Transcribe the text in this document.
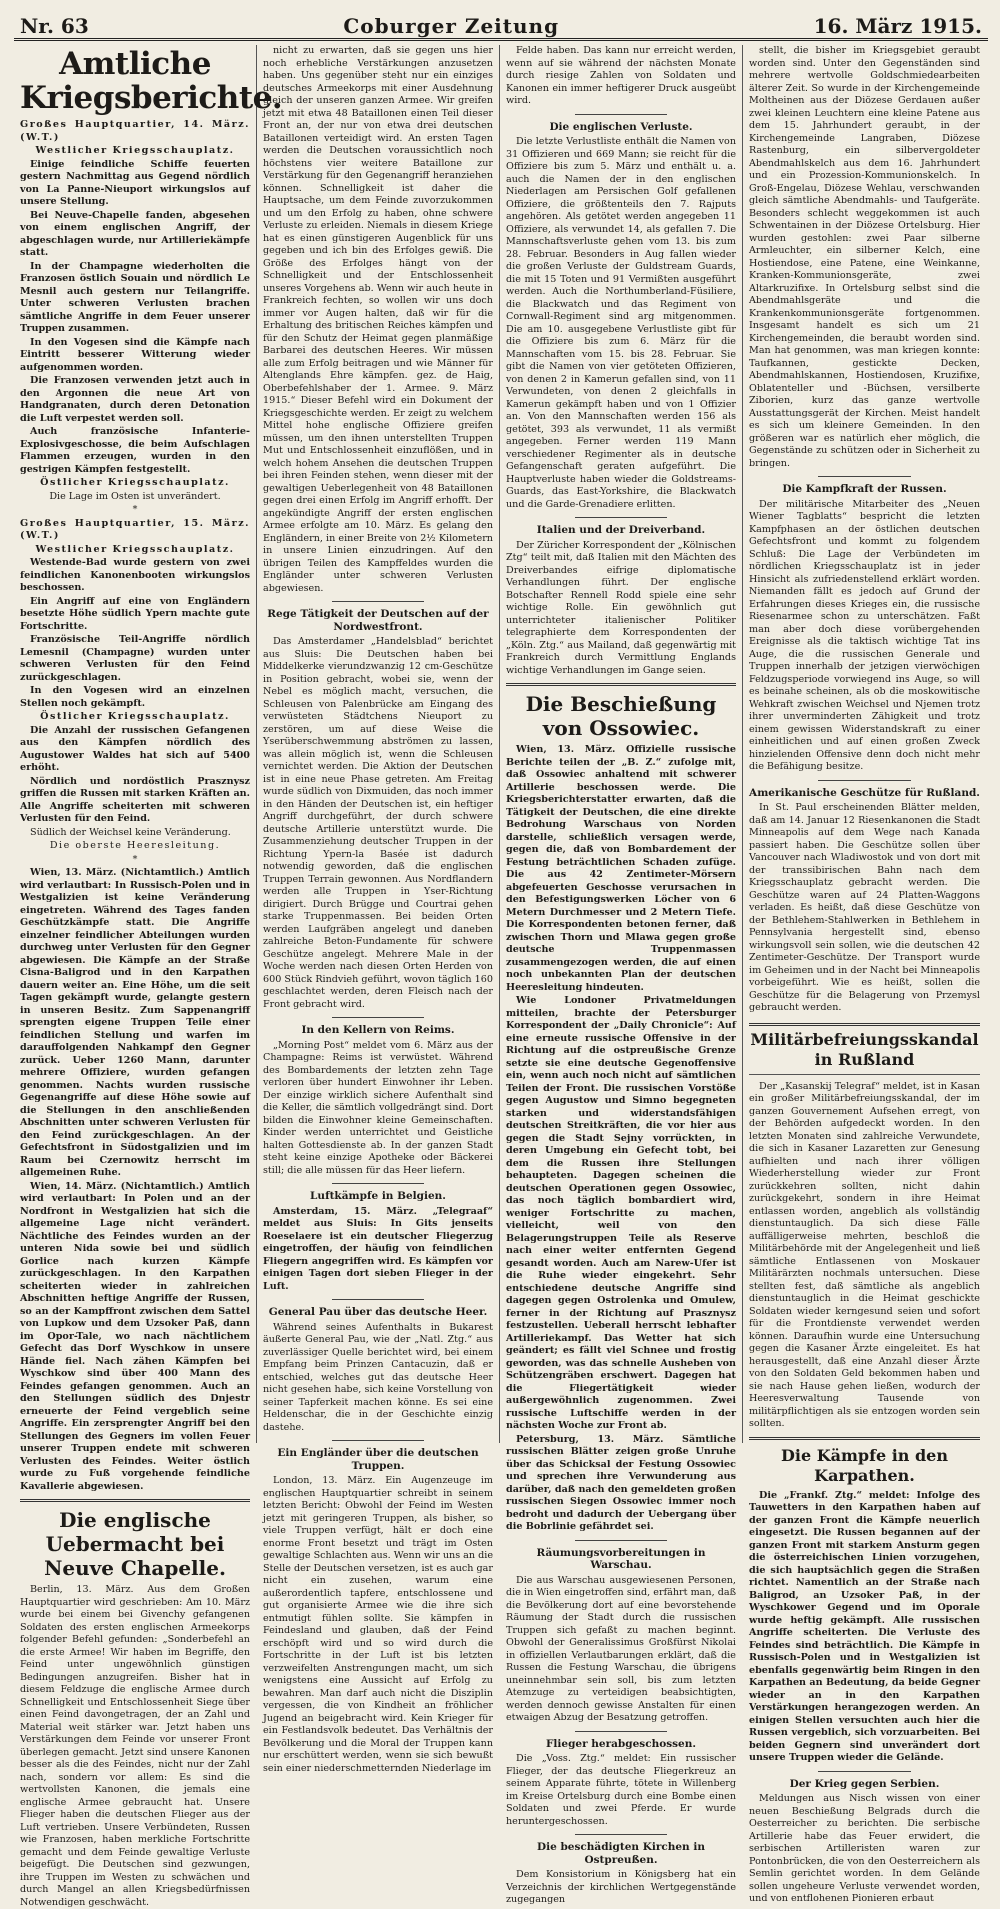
Nr. 63	Coburger Zeitung	16. März 1915.
Amtliche Kriegsberichte.

Großes Hauptquartier, 14. März. (W.T.)

Westlicher Kriegsschauplatz.

Einige feindliche Schiffe feuerten gestern Nachmittag aus Gegend nördlich von La Panne-Nieuport wirkungslos auf unsere Stellung.

Bei Neuve-Chapelle fanden, abgesehen von einem englischen Angriff, der abgeschlagen wurde, nur Artilleriekämpfe statt.

In der Champagne wiederholten die Franzosen östlich Souain und nördlich Le Mesnil auch gestern nur Teilangriffe. Unter schweren Verlusten brachen sämtliche Angriffe in dem Feuer unserer Truppen zusammen.

In den Vogesen sind die Kämpfe nach Eintritt besserer Witterung wieder aufgenommen worden.

Die Franzosen verwenden jetzt auch in den Argonnen die neue Art von Handgranaten, durch deren Detonation die Luft verpestet werden soll.

Auch französische Infanterie-Explosivgeschosse, die beim Aufschlagen Flammen erzeugen, wurden in den gestrigen Kämpfen festgestellt.

Östlicher Kriegsschauplatz.

Die Lage im Osten ist unverändert.

*

Großes Hauptquartier, 15. März. (W.T.)

Westlicher Kriegsschauplatz.

Westende-Bad wurde gestern von zwei feindlichen Kanonenbooten wirkungslos beschossen.

Ein Angriff auf eine von Engländern besetzte Höhe südlich Ypern machte gute Fortschritte.

Französische Teil-Angriffe nördlich Lemesnil (Champagne) wurden unter schweren Verlusten für den Feind zurückgeschlagen.

In den Vogesen wird an einzelnen Stellen noch gekämpft.

Östlicher Kriegsschauplatz.

Die Anzahl der russischen Gefangenen aus den Kämpfen nördlich des Augustower Waldes hat sich auf 5400 erhöht.

Nördlich und nordöstlich Prasznysz griffen die Russen mit starken Kräften an. Alle Angriffe scheiterten mit schweren Verlusten für den Feind.

Südlich der Weichsel keine Veränderung.

Die oberste Heeresleitung.

*

Wien, 13. März. (Nichtamtlich.) Amtlich wird verlautbart: In Russisch-Polen und in Westgalizien ist keine Veränderung eingetreten. Während des Tages fanden Geschützkämpfe statt. Die Angriffe einzelner feindlicher Abteilungen wurden durchweg unter Verlusten für den Gegner abgewiesen. Die Kämpfe an der Straße Cisna-Baligrod und in den Karpathen dauern weiter an. Eine Höhe, um die seit Tagen gekämpft wurde, gelangte gestern in unseren Besitz. Zum Sappenangriff sprengten eigene Truppen Teile einer feindlichen Stellung und warfen im darauffolgenden Nahkampf den Gegner zurück. Ueber 1260 Mann, darunter mehrere Offiziere, wurden gefangen genommen. Nachts wurden russische Gegenangriffe auf diese Höhe sowie auf die Stellungen in den anschließenden Abschnitten unter schweren Verlusten für den Feind zurückgeschlagen. An der Gefechtsfront in Südostgalizien und im Raum bei Czernowitz herrscht im allgemeinen Ruhe.

Wien, 14. März. (Nichtamtlich.) Amtlich wird verlautbart: In Polen und an der Nordfront in Westgalizien hat sich die allgemeine Lage nicht verändert. Nächtliche des Feindes wurden an der unteren Nida sowie bei und südlich Gorlice nach kurzen Kämpfe zurückgeschlagen. In den Karpathen scheiterten wieder in zahlreichen Abschnitten heftige Angriffe der Russen, so an der Kampffront zwischen dem Sattel von Lupkow und dem Uzsoker Paß, dann im Opor-Tale, wo nach nächtlichem Gefecht das Dorf Wyschkow in unsere Hände fiel. Nach zähen Kämpfen bei Wyschkow sind über 400 Mann des Feindes gefangen genommen. Auch an den Stellungen südlich des Dnjestr erneuerte der Feind vergeblich seine Angriffe. Ein zersprengter Angriff bei den Stellungen des Gegners im vollen Feuer unserer Truppen endete mit schweren Verlusten des Feindes. Weiter östlich wurde zu Fuß vorgehende feindliche Kavallerie abgewiesen.

Die englische Uebermacht bei Neuve Chapelle.

Berlin, 13. März. Aus dem Großen Hauptquartier wird geschrieben: Am 10. März wurde bei einem bei Givenchy gefangenen Soldaten des ersten englischen Armeekorps folgender Befehl gefunden: „Sonderbefehl an die erste Armee! Wir haben im Begriffe, den Feind unter ungewöhnlich günstigen Bedingungen anzugreifen. Bisher hat in diesem Feldzuge die englische Armee durch Schnelligkeit und Entschlossenheit Siege über einen Feind davongetragen, der an Zahl und Material weit stärker war. Jetzt haben uns Verstärkungen dem Feinde vor unserer Front überlegen gemacht. Jetzt sind unsere Kanonen besser als die des Feindes, nicht nur der Zahl nach, sondern vor allem: Es sind die wertvollsten Kanonen, die jemals eine englische Armee gebraucht hat. Unsere Flieger haben die deutschen Flieger aus der Luft vertrieben. Unsere Verbündeten, Russen wie Franzosen, haben merkliche Fortschritte gemacht und dem Feinde gewaltige Verluste beigefügt. Die Deutschen sind gezwungen, ihre Truppen im Westen zu schwächen und durch Mangel an allen Kriegsbedürfnissen Notwendigen geschwächt.

nicht zu erwarten, daß sie gegen uns hier noch erhebliche Verstärkungen anzusetzen haben. Uns gegenüber steht nur ein einziges deutsches Armeekorps mit einer Ausdehnung gleich der unseren ganzen Armee. Wir greifen jetzt mit etwa 48 Bataillonen einen Teil dieser Front an, der nur von etwa drei deutschen Bataillonen verteidigt wird. An ersten Tagen werden die Deutschen voraussichtlich noch höchstens vier weitere Bataillone zur Verstärkung für den Gegenangriff heranziehen können. Schnelligkeit ist daher die Hauptsache, um dem Feinde zuvorzukommen und um den Erfolg zu haben, ohne schwere Verluste zu erleiden. Niemals in diesem Kriege hat es einen günstigeren Augenblick für uns gegeben und ich bin des Erfolges gewiß. Die Größe des Erfolges hängt von der Schnelligkeit und der Entschlossenheit unseres Vorgehens ab. Wenn wir auch heute in Frankreich fechten, so wollen wir uns doch immer vor Augen halten, daß wir für die Erhaltung des britischen Reiches kämpfen und für den Schutz der Heimat gegen planmäßige Barbarei des deutschen Heeres. Wir müssen alle zum Erfolg beitragen und wie Männer für Altenglands Ehre kämpfen. gez. de Haig, Oberbefehlshaber der 1. Armee. 9. März 1915.“ Dieser Befehl wird ein Dokument der Kriegsgeschichte werden. Er zeigt zu welchem Mittel hohe englische Offiziere greifen müssen, um den ihnen unterstellten Truppen Mut und Entschlossenheit einzuflößen, und in welch hohem Ansehen die deutschen Truppen bei ihren Feinden stehen, wenn dieser mit der gewaltigen Ueberlegenheit von 48 Bataillonen gegen drei einen Erfolg im Angriff erhofft. Der angekündigte Angriff der ersten englischen Armee erfolgte am 10. März. Es gelang den Engländern, in einer Breite von 2½ Kilometern in unsere Linien einzudringen. Auf den übrigen Teilen des Kampffeldes wurden die Engländer unter schweren Verlusten abgewiesen.

Rege Tätigkeit der Deutschen auf der Nordwestfront.

Das Amsterdamer „Handelsblad“ berichtet aus Sluis: Die Deutschen haben bei Middelkerke vierundzwanzig 12 cm-Geschütze in Position gebracht, wobei sie, wenn der Nebel es möglich macht, versuchen, die Schleusen von Palenbrücke am Eingang des verwüsteten Städtchens Nieuport zu zerstören, um auf diese Weise die Yserüberschwemmung abströmen zu lassen, was allein möglich ist, wenn die Schleusen vernichtet werden. Die Aktion der Deutschen ist in eine neue Phase getreten. Am Freitag wurde südlich von Dixmuiden, das noch immer in den Händen der Deutschen ist, ein heftiger Angriff durchgeführt, der durch schwere deutsche Artillerie unterstützt wurde. Die Zusammenziehung deutscher Truppen in der Richtung Ypern-la Basée ist dadurch notwendig geworden, daß die englischen Truppen Terrain gewonnen. Aus Nordflandern werden alle Truppen in Yser-Richtung dirigiert. Durch Brügge und Courtrai gehen starke Truppenmassen. Bei beiden Orten werden Laufgräben angelegt und daneben zahlreiche Beton-Fundamente für schwere Geschütze angelegt. Mehrere Male in der Woche werden nach diesen Orten Herden von 600 Stück Rindvieh geführt, wovon täglich 160 geschlachtet werden, deren Fleisch nach der Front gebracht wird.

In den Kellern von Reims.

„Morning Post“ meldet vom 6. März aus der Champagne: Reims ist verwüstet. Während des Bombardements der letzten zehn Tage verloren über hundert Einwohner ihr Leben. Der einzige wirklich sichere Aufenthalt sind die Keller, die sämtlich vollgedrängt sind. Dort bilden die Einwohner kleine Gemeinschaften. Kinder werden unterrichtet und Geistliche halten Gottesdienste ab. In der ganzen Stadt steht keine einzige Apotheke oder Bäckerei still; die alle müssen für das Heer liefern.

Luftkämpfe in Belgien.

Amsterdam, 15. März. „Telegraaf“ meldet aus Sluis: In Gits jenseits Roeselaere ist ein deutscher Fliegerzug eingetroffen, der häufig von feindlichen Fliegern angegriffen wird. Es kämpfen vor einigen Tagen dort sieben Flieger in der Luft.

General Pau über das deutsche Heer.

Während seines Aufenthalts in Bukarest äußerte General Pau, wie der „Natl. Ztg.“ aus zuverlässiger Quelle berichtet wird, bei einem Empfang beim Prinzen Cantacuzin, daß er entschied, welches gut das deutsche Heer nicht gesehen habe, sich keine Vorstellung von seiner Tapferkeit machen könne. Es sei eine Heldenschar, die in der Geschichte einzig dastehe.

Ein Engländer über die deutschen Truppen.

London, 13. März. Ein Augenzeuge im englischen Hauptquartier schreibt in seinem letzten Bericht: Obwohl der Feind im Westen jetzt mit geringeren Truppen, als bisher, so viele Truppen verfügt, hält er doch eine enorme Front besetzt und trägt im Osten gewaltige Schlachten aus. Wenn wir uns an die Stelle der Deutschen versetzen, ist es auch gar nicht ein zusehen, warum eine außerordentlich tapfere, entschlossene und gut organisierte Armee wie die ihre sich entmutigt fühlen sollte. Sie kämpfen in Feindesland und glauben, daß der Feind erschöpft wird und so wird durch die Fortschritte in der Luft ist bis letzten verzweifelten Anstrengungen macht, um sich wenigstens eine Aussicht auf Erfolg zu bewahren. Man darf auch nicht die Disziplin vergessen, die von Kindheit an fröhlicher Jugend an beigebracht wird. Kein Krieger für ein Festlandsvolk bedeutet. Das Verhältnis der Bevölkerung und die Moral der Truppen kann nur erschüttert werden, wenn sie sich bewußt sein einer niederschmetternden Niederlage im

Felde haben. Das kann nur erreicht werden, wenn auf sie während der nächsten Monate durch riesige Zahlen von Soldaten und Kanonen ein immer heftigerer Druck ausgeübt wird.

Die englischen Verluste.

Die letzte Verlustliste enthält die Namen von 31 Offizieren und 669 Mann; sie reicht für die Offiziere bis zum 5. März und enthält u. a. auch die Namen der in den englischen Niederlagen am Persischen Golf gefallenen Offiziere, die größtenteils den 7. Rajputs angehören. Als getötet werden angegeben 11 Offiziere, als verwundet 14, als gefallen 7. Die Mannschaftsverluste gehen vom 13. bis zum 28. Februar. Besonders in Aug fallen wieder die großen Verluste der Guldstream Guards, die mit 15 Toten und 91 Vermißten ausgeführt werden. Auch die Northumberland-Füsiliere, die Blackwatch und das Regiment von Cornwall-Regiment sind arg mitgenommen. Die am 10. ausgegebene Verlustliste gibt für die Offiziere bis zum 6. März für die Mannschaften vom 15. bis 28. Februar. Sie gibt die Namen von vier getöteten Offizieren, von denen 2 in Kamerun gefallen sind, von 11 Verwundeten, von denen 2 gleichfalls in Kamerun gekämpft haben und von 1 Offizier an. Von den Mannschaften werden 156 als getötet, 393 als verwundet, 11 als vermißt angegeben. Ferner werden 119 Mann verschiedener Regimenter als in deutsche Gefangenschaft geraten aufgeführt. Die Hauptverluste haben wieder die Goldstreams-Guards, das East-Yorkshire, die Blackwatch und die Garde-Grenadiere erlitten.

Italien und der Dreiverband.

Der Züricher Korrespondent der „Kölnischen Ztg“ teilt mit, daß Italien mit den Mächten des Dreiverbandes eifrige diplomatische Verhandlungen führt. Der englische Botschafter Rennell Rodd spiele eine sehr wichtige Rolle. Ein gewöhnlich gut unterrichteter italienischer Politiker telegraphierte dem Korrespondenten der „Köln. Ztg.“ aus Mailand, daß gegenwärtig mit Frankreich durch Vermittlung Englands wichtige Verhandlungen im Gange seien.

Die Beschießung von Ossowiec.

Wien, 13. März. Offizielle russische Berichte teilen der „B. Z.“ zufolge mit, daß Ossowiec anhaltend mit schwerer Artillerie beschossen werde. Die Kriegsberichterstatter erwarten, daß die Tätigkeit der Deutschen, die eine direkte Bedrohung Warschaus von Norden darstelle, schließlich versagen werde, gegen die, daß von Bombardement der Festung beträchtlichen Schaden zufüge. Die aus 42 Zentimeter-Mörsern abgefeuerten Geschosse verursachen in den Befestigungswerken Löcher von 6 Metern Durchmesser und 2 Metern Tiefe. Die Korrespondenten betonen ferner, daß zwischen Thorn und Mlawa gegen große deutsche Truppenmassen zusammengezogen werden, die auf einen noch unbekannten Plan der deutschen Heeresleitung hindeuten.

Wie Londoner Privatmeldungen mitteilen, brachte der Petersburger Korrespondent der „Daily Chronicle“: Auf eine erneute russische Offensive in der Richtung auf die ostpreußische Grenze setzte sie eine deutsche Gegenoffensive ein, wenn auch noch nicht auf sämtlichen Teilen der Front. Die russischen Vorstöße gegen Augustow und Simno begegneten starken und widerstandsfähigen deutschen Streitkräften, die vor hier aus gegen die Stadt Sejny vorrückten, in deren Umgebung ein Gefecht tobt, bei dem die Russen ihre Stellungen behaupteten. Dagegen scheinen die deutschen Operationen gegen Ossowiec, das noch täglich bombardiert wird, weniger Fortschritte zu machen, vielleicht, weil von den Belagerungstruppen Teile als Reserve nach einer weiter entfernten Gegend gesandt worden. Auch am Narew-Ufer ist die Ruhe wieder eingekehrt. Sehr entschiedene deutsche Angriffe sind dagegen gegen Ostrolenka und Omulew, ferner in der Richtung auf Prasznysz festzustellen. Ueberall herrscht lebhafter Artilleriekampf. Das Wetter hat sich geändert; es fällt viel Schnee und frostig geworden, was das schnelle Ausheben von Schützengräben erschwert. Dagegen hat die Fliegertätigkeit wieder außergewöhnlich zugenommen. Zwei russische Luftschiffe werden in der nächsten Woche zur Front ab.

Petersburg, 13. März. Sämtliche russischen Blätter zeigen große Unruhe über das Schicksal der Festung Ossowiec und sprechen ihre Verwunderung aus darüber, daß nach den gemeldeten großen russischen Siegen Ossowiec immer noch bedroht und dadurch der Uebergang über die Bobrlinie gefährdet sei.

Räumungsvorbereitungen in Warschau.

Die aus Warschau ausgewiesenen Personen, die in Wien eingetroffen sind, erfährt man, daß die Bevölkerung dort auf eine bevorstehende Räumung der Stadt durch die russischen Truppen sich gefaßt zu machen beginnt. Obwohl der Generalissimus Großfürst Nikolai in offiziellen Verlautbarungen erklärt, daß die Russen die Festung Warschau, die übrigens uneinnehmbar sein soll, bis zum letzten Atemzuge zu verteidigen beabsichtigten, werden dennoch gewisse Anstalten für einen etwaigen Abzug der Besatzung getroffen.

Flieger herabgeschossen.

Die „Voss. Ztg.“ meldet: Ein russischer Flieger, der das deutsche Fliegerkreuz an seinem Apparate führte, tötete in Willenberg im Kreise Ortelsburg durch eine Bombe einen Soldaten und zwei Pferde. Er wurde heruntergeschossen.

Die beschädigten Kirchen in Ostpreußen.

Dem Konsistorium in Königsberg hat ein Verzeichnis der kirchlichen Wertgegenstände zugegangen

stellt, die bisher im Kriegsgebiet geraubt worden sind. Unter den Gegenständen sind mehrere wertvolle Goldschmiedearbeiten älterer Zeit. So wurde in der Kirchengemeinde Moltheinen aus der Diözese Gerdauen außer zwei kleinen Leuchtern eine kleine Patene aus dem 15. Jahrhundert geraubt, in der Kirchengemeinde Langraben, Diözese Rastenburg, ein silbervergoldeter Abendmahlskelch aus dem 16. Jahrhundert und ein Prozession-Kommunionskelch. In Groß-Engelau, Diözese Wehlau, verschwanden gleich sämtliche Abendmahls- und Taufgeräte. Besonders schlecht weggekommen ist auch Schwentainen in der Diözese Ortelsburg. Hier wurden gestohlen: zwei Paar silberne Armleuchter, ein silberner Kelch, eine Hostiendose, eine Patene, eine Weinkanne, Kranken-Kommunionsgeräte, zwei Altarkruzifixe. In Ortelsburg selbst sind die Abendmahlsgeräte und die Krankenkommunionsgeräte fortgenommen. Insgesamt handelt es sich um 21 Kirchengemeinden, die beraubt worden sind. Man hat genommen, was man kriegen konnte: Taufkannen, gestickte Decken, Abendmahlskannen, Hostiendosen, Kruzifixe, Oblatenteller und -Büchsen, versilberte Ziborien, kurz das ganze wertvolle Ausstattungsgerät der Kirchen. Meist handelt es sich um kleinere Gemeinden. In den größeren war es natürlich eher möglich, die Gegenstände zu schützen oder in Sicherheit zu bringen.

Die Kampfkraft der Russen.

Der militärische Mitarbeiter des „Neuen Wiener Tagblatts“ bespricht die letzten Kampfphasen an der östlichen deutschen Gefechtsfront und kommt zu folgendem Schluß: Die Lage der Verbündeten im nördlichen Kriegsschauplatz ist in jeder Hinsicht als zufriedenstellend erklärt worden. Niemanden fällt es jedoch auf Grund der Erfahrungen dieses Krieges ein, die russische Riesenarmee schon zu unterschätzen. Faßt man aber doch diese vorübergehenden Ereignisse als die taktisch wichtige Tat ins Auge, die die russischen Generale und Truppen innerhalb der jetzigen vierwöchigen Feldzugsperiode vorwiegend ins Auge, so will es beinahe scheinen, als ob die moskowitische Wehkraft zwischen Weichsel und Njemen trotz ihrer unverminderten Zähigkeit und trotz einem gewissen Widerstandskraft zu einer einheitlichen und auf einen großen Zweck hinzielenden Offensive denn doch nicht mehr die Befähigung besitze.

Amerikanische Geschütze für Rußland.

In St. Paul erscheinenden Blätter melden, daß am 14. Januar 12 Riesenkanonen die Stadt Minneapolis auf dem Wege nach Kanada passiert haben. Die Geschütze sollen über Vancouver nach Wladiwostok und von dort mit der transsibirischen Bahn nach dem Kriegsschauplatz gebracht werden. Die Geschütze waren auf 24 Platten-Waggons verladen. Es heißt, daß diese Geschütze von der Bethlehem-Stahlwerken in Bethlehem in Pennsylvania hergestellt sind, ebenso wirkungsvoll sein sollen, wie die deutschen 42 Zentimeter-Geschütze. Der Transport wurde im Geheimen und in der Nacht bei Minneapolis vorbeigeführt. Wie es heißt, sollen die Geschütze für die Belagerung von Przemysl gebraucht werden.

Militärbefreiungsskandal in Rußland

Der „Kasanskij Telegraf“ meldet, ist in Kasan ein großer Militärbefreiungsskandal, der im ganzen Gouvernement Aufsehen erregt, von der Behörden aufgedeckt worden. In den letzten Monaten sind zahlreiche Verwundete, die sich in Kasaner Lazaretten zur Genesung aufhielten und nach ihrer völligen Wiederherstellung wieder zur Front zurückkehren sollten, nicht dahin zurückgekehrt, sondern in ihre Heimat entlassen worden, angeblich als vollständig dienstuntauglich. Da sich diese Fälle auffälligerweise mehrten, beschloß die Militärbehörde mit der Angelegenheit und ließ sämtliche Entlassenen von Moskauer Militärärzten nochmals untersuchen. Diese stellten fest, daß sämtliche als angeblich dienstuntauglich in die Heimat geschickte Soldaten wieder kerngesund seien und sofort für die Frontdienste verwendet werden können. Daraufhin wurde eine Untersuchung gegen die Kasaner Ärzte eingeleitet. Es hat herausgestellt, daß eine Anzahl dieser Ärzte von den Soldaten Geld bekommen haben und sie nach Hause gehen ließen, wodurch der Heeresverwaltung Tausende von militärpflichtigen als sie entzogen worden sein sollten.

Die Kämpfe in den Karpathen.

Die „Frankf. Ztg.“ meldet: Infolge des Tauwetters in den Karpathen haben auf der ganzen Front die Kämpfe neuerlich eingesetzt. Die Russen begannen auf der ganzen Front mit starkem Ansturm gegen die österreichischen Linien vorzugehen, die sich hauptsächlich gegen die Straßen richtet. Namentlich an der Straße nach Baligrod, an Uzsoker Paß, in der Wyschkower Gegend und im Oporale wurde heftig gekämpft. Alle russischen Angriffe scheiterten. Die Verluste des Feindes sind beträchtlich. Die Kämpfe in Russisch-Polen und in Westgalizien ist ebenfalls gegenwärtig beim Ringen in den Karpathen an Bedeutung, da beide Gegner wieder an in den Karpathen Verstärkungen herangezogen werden. An einigen Stellen versuchten auch hier die Russen vergeblich, sich vorzuarbeiten. Bei beiden Gegnern sind unverändert dort unsere Truppen wieder die Gelände.

Der Krieg gegen Serbien.

Meldungen aus Nisch wissen von einer neuen Beschießung Belgrads durch die Oesterreicher zu berichten. Die serbische Artillerie habe das Feuer erwidert, die serbischen Artilleristen waren zur Pontonbrücken, die von den Oesterreichern als Semlin gerichtet worden. In dem Gelände sollen ungeheure Verluste verwendet worden, und von entflohenen Pionieren erbaut
